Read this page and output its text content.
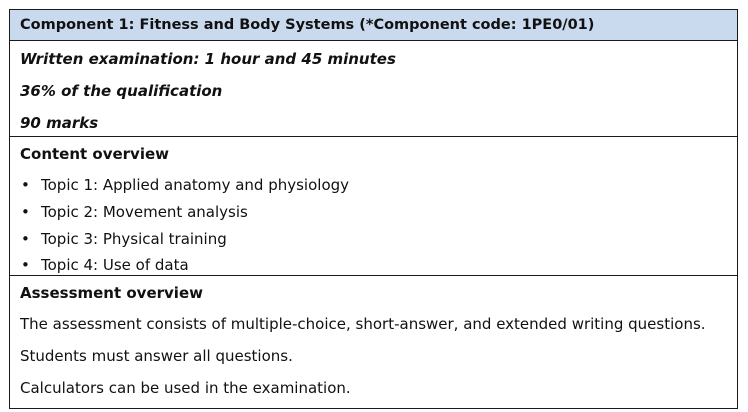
Component 1: Fitness and Body Systems (*Component code: 1PE0/01)
Written examination: 1 hour and 45 minutes
36% of the qualification
90 marks
Content overview
• Topic 1: Applied anatomy and physiology
• Topic 2: Movement analysis
• Topic 3: Physical training
• Topic 4: Use of data
Assessment overview
The assessment consists of multiple-choice, short-answer, and extended writing questions.
Students must answer all questions.
Calculators can be used in the examination.
